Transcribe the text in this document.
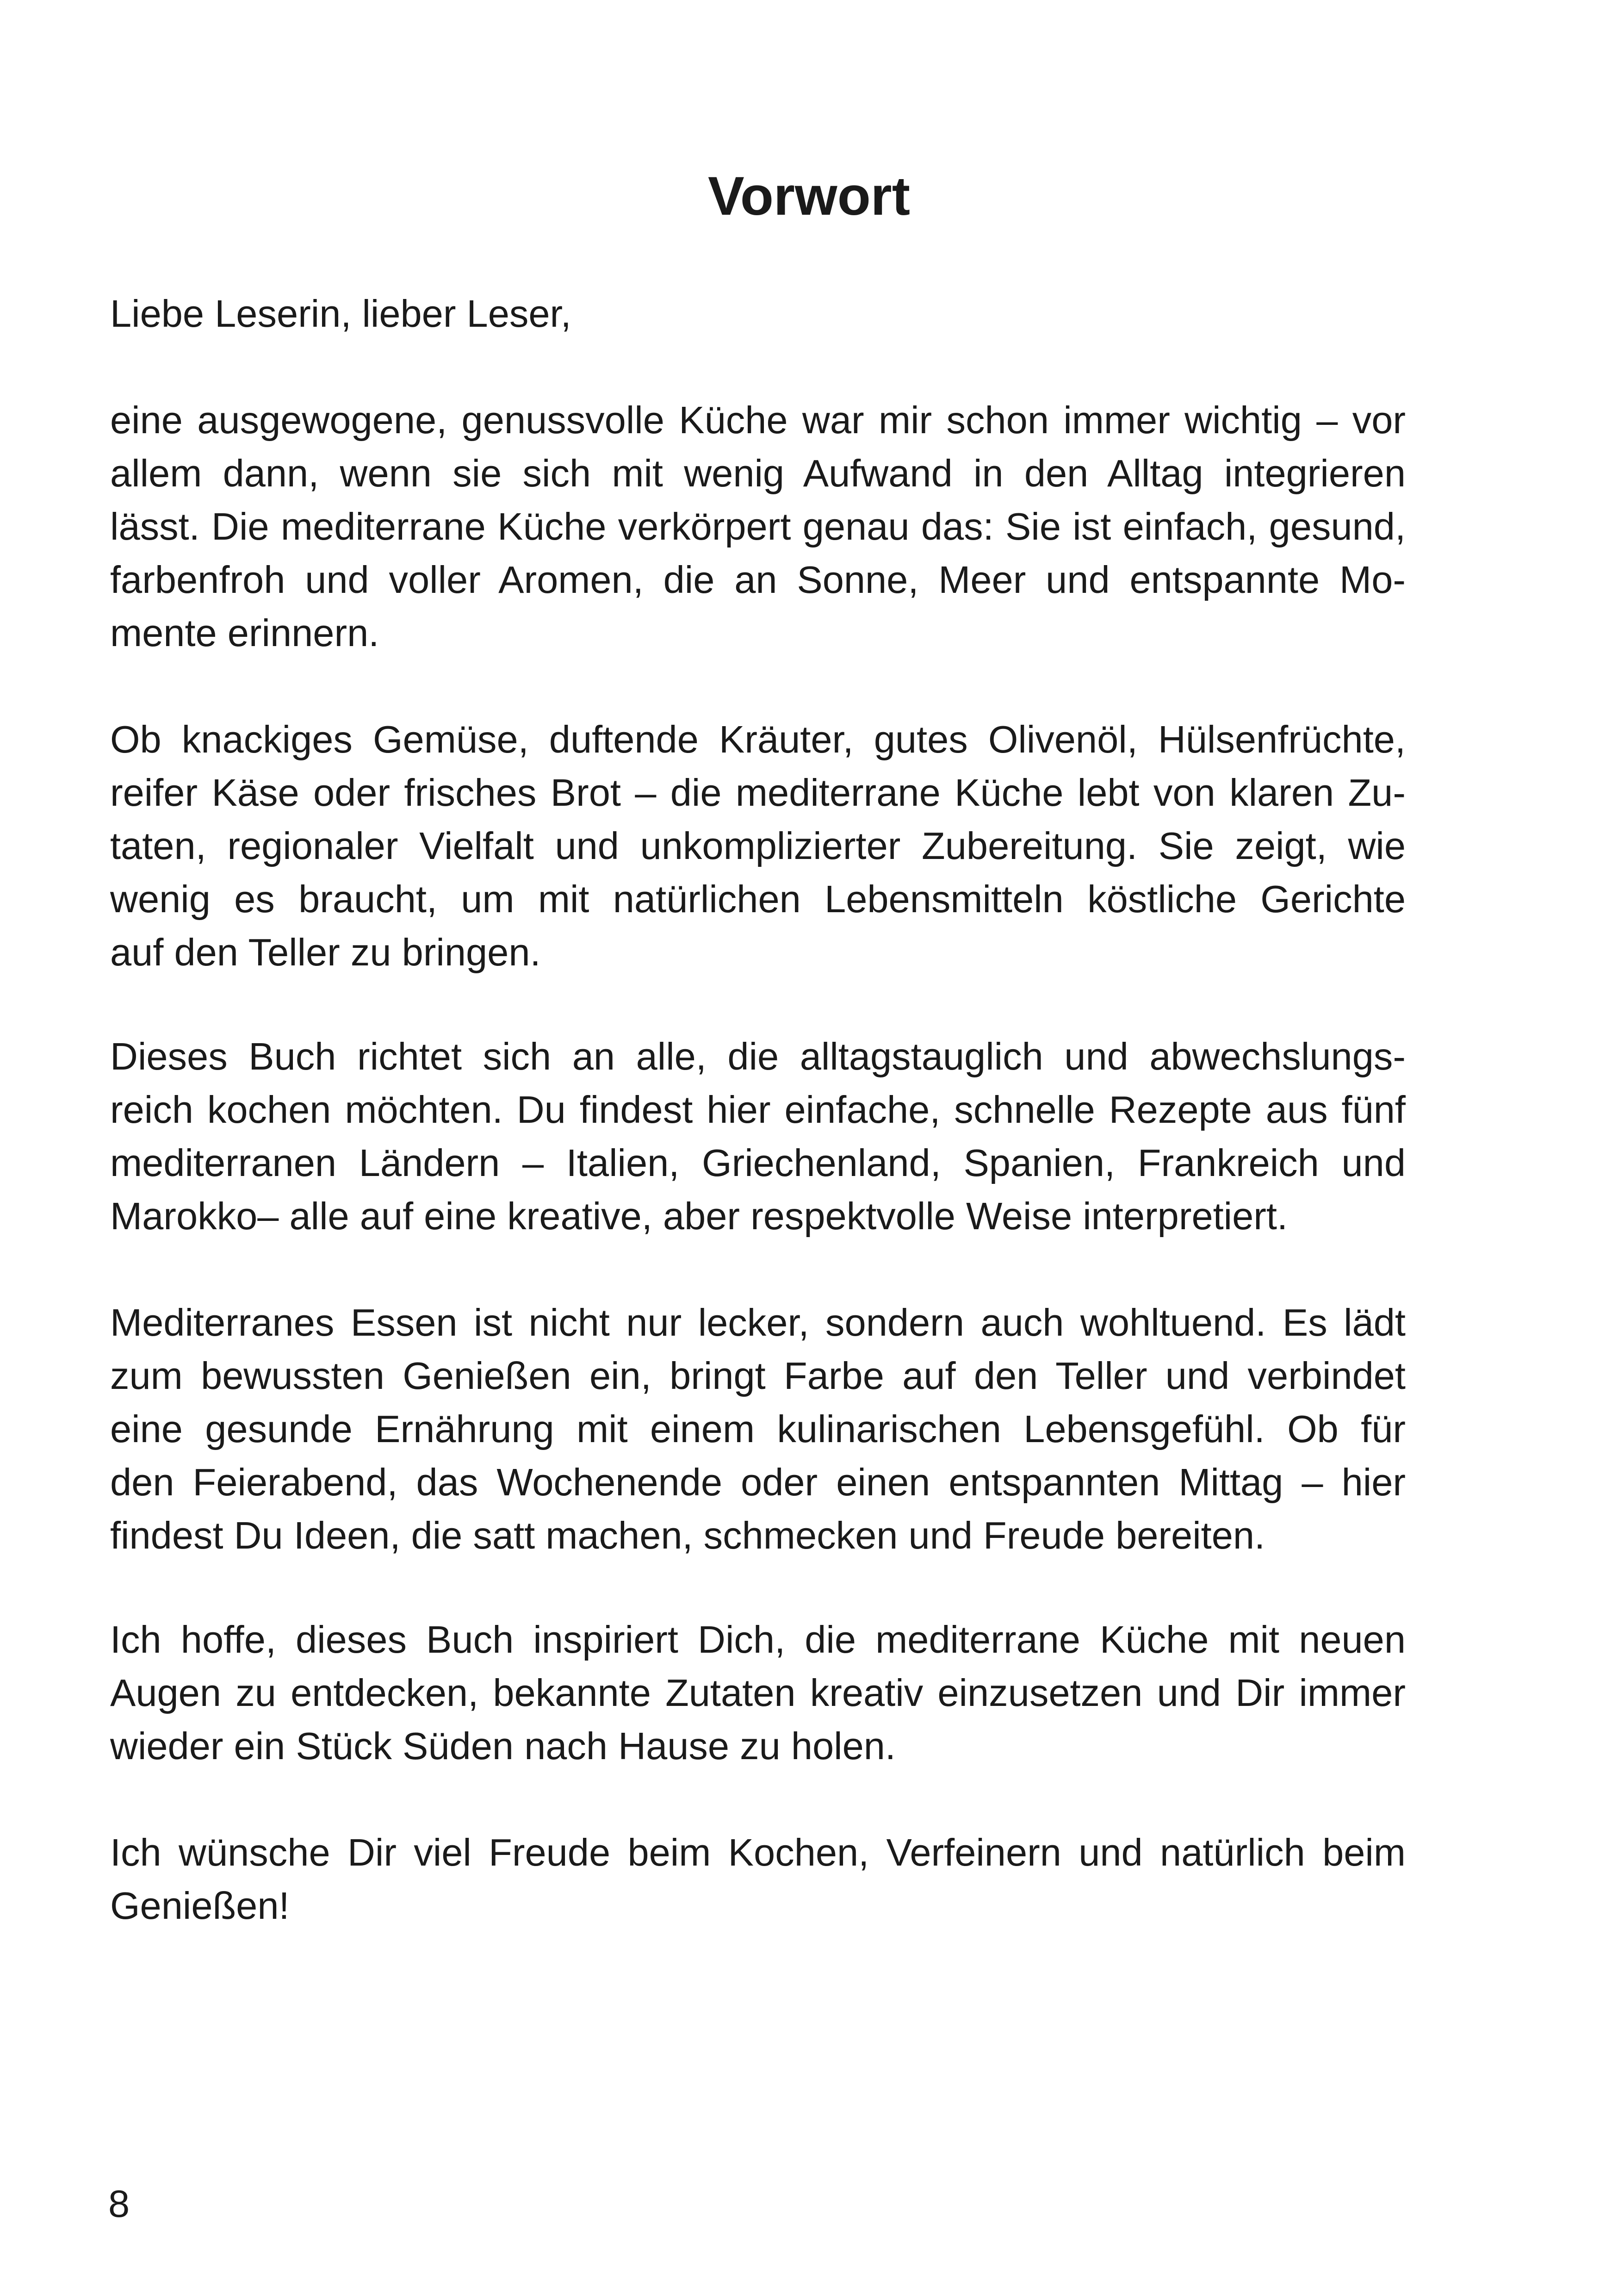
Vorwort
Liebe Leserin, lieber Leser,
eine ausgewogene, genussvolle Küche war mir schon immer wichtig – vor
allem dann, wenn sie sich mit wenig Aufwand in den Alltag integrieren
lässt. Die mediterrane Küche verkörpert genau das: Sie ist einfach, gesund,
farbenfroh und voller Aromen, die an Sonne, Meer und entspannte Mo-
mente erinnern.
Ob knackiges Gemüse, duftende Kräuter, gutes Olivenöl, Hülsenfrüchte,
reifer Käse oder frisches Brot – die mediterrane Küche lebt von klaren Zu-
taten, regionaler Vielfalt und unkomplizierter Zubereitung. Sie zeigt, wie
wenig es braucht, um mit natürlichen Lebensmitteln köstliche Gerichte
auf den Teller zu bringen.
Dieses Buch richtet sich an alle, die alltagstauglich und abwechslungs-
reich kochen möchten. Du findest hier einfache, schnelle Rezepte aus fünf
mediterranen Ländern – Italien, Griechenland, Spanien, Frankreich und
Marokko– alle auf eine kreative, aber respektvolle Weise interpretiert.
Mediterranes Essen ist nicht nur lecker, sondern auch wohltuend. Es lädt
zum bewussten Genießen ein, bringt Farbe auf den Teller und verbindet
eine gesunde Ernährung mit einem kulinarischen Lebensgefühl. Ob für
den Feierabend, das Wochenende oder einen entspannten Mittag – hier
findest Du Ideen, die satt machen, schmecken und Freude bereiten.
Ich hoffe, dieses Buch inspiriert Dich, die mediterrane Küche mit neuen
Augen zu entdecken, bekannte Zutaten kreativ einzusetzen und Dir immer
wieder ein Stück Süden nach Hause zu holen.
Ich wünsche Dir viel Freude beim Kochen, Verfeinern und natürlich beim
Genießen!
8
